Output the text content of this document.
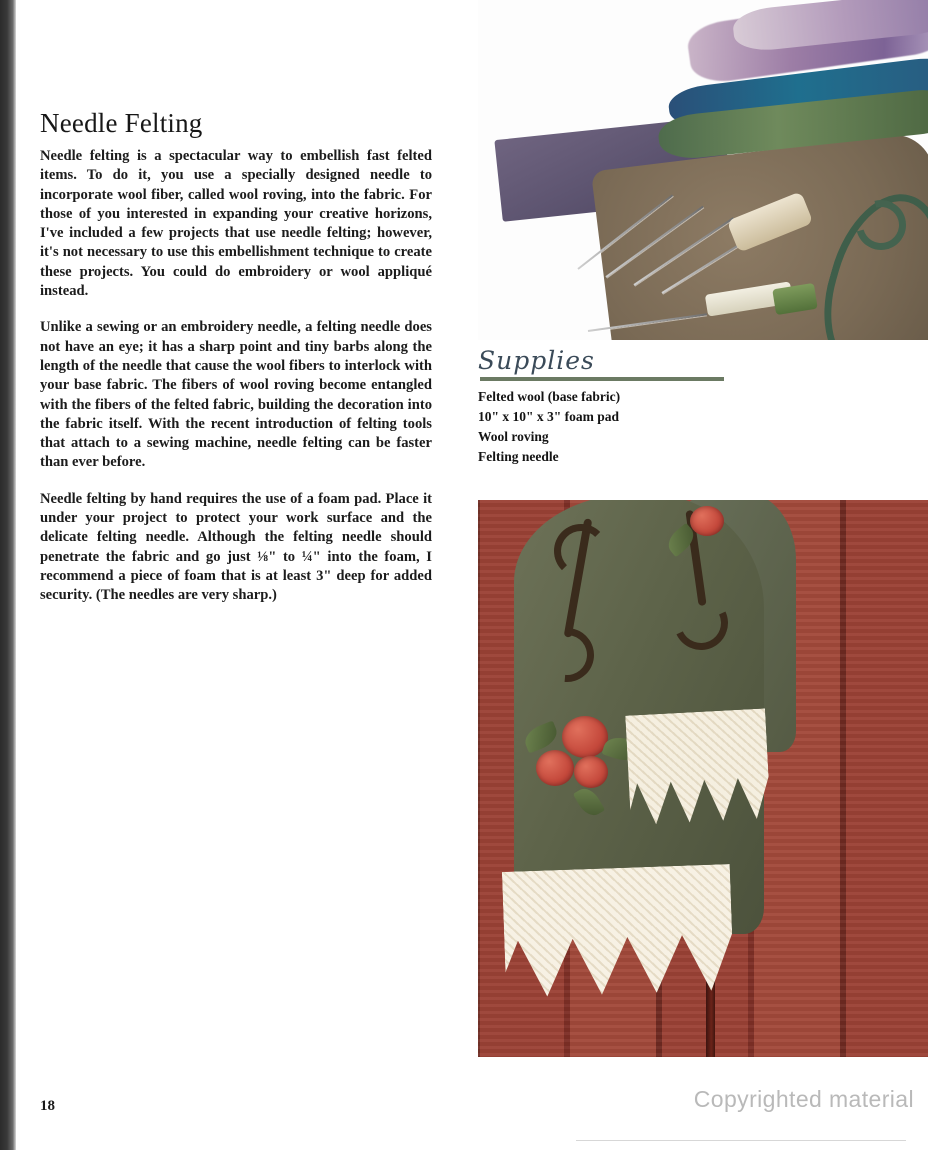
Needle Felting

Needle felting is a spectacular way to embellish fast felted items. To do it, you use a specially designed needle to incorporate wool fiber, called wool roving, into the fabric. For those of you interested in expanding your creative horizons, I've included a few projects that use needle felting; however, it's not necessary to use this embellishment technique to create these projects. You could do embroidery or wool appliqué instead.

Unlike a sewing or an embroidery needle, a felting needle does not have an eye; it has a sharp point and tiny barbs along the length of the needle that cause the wool fibers to interlock with your base fabric. The fibers of wool roving become entangled with the fibers of the felted fabric, building the decoration into the fabric itself. With the recent introduction of felting tools that attach to a sewing machine, needle felting can be faster than ever before.

Needle felting by hand requires the use of a foam pad. Place it under your project to protect your work surface and the delicate felting needle. Although the felting needle should penetrate the fabric and go just ⅛" to ¼" into the foam, I recommend a piece of foam that is at least 3" deep for added security. (The needles are very sharp.)

Supplies

Felted wool (base fabric)
10" x 10" x 3" foam pad
Wool roving
Felting needle
18	Copyrighted material
